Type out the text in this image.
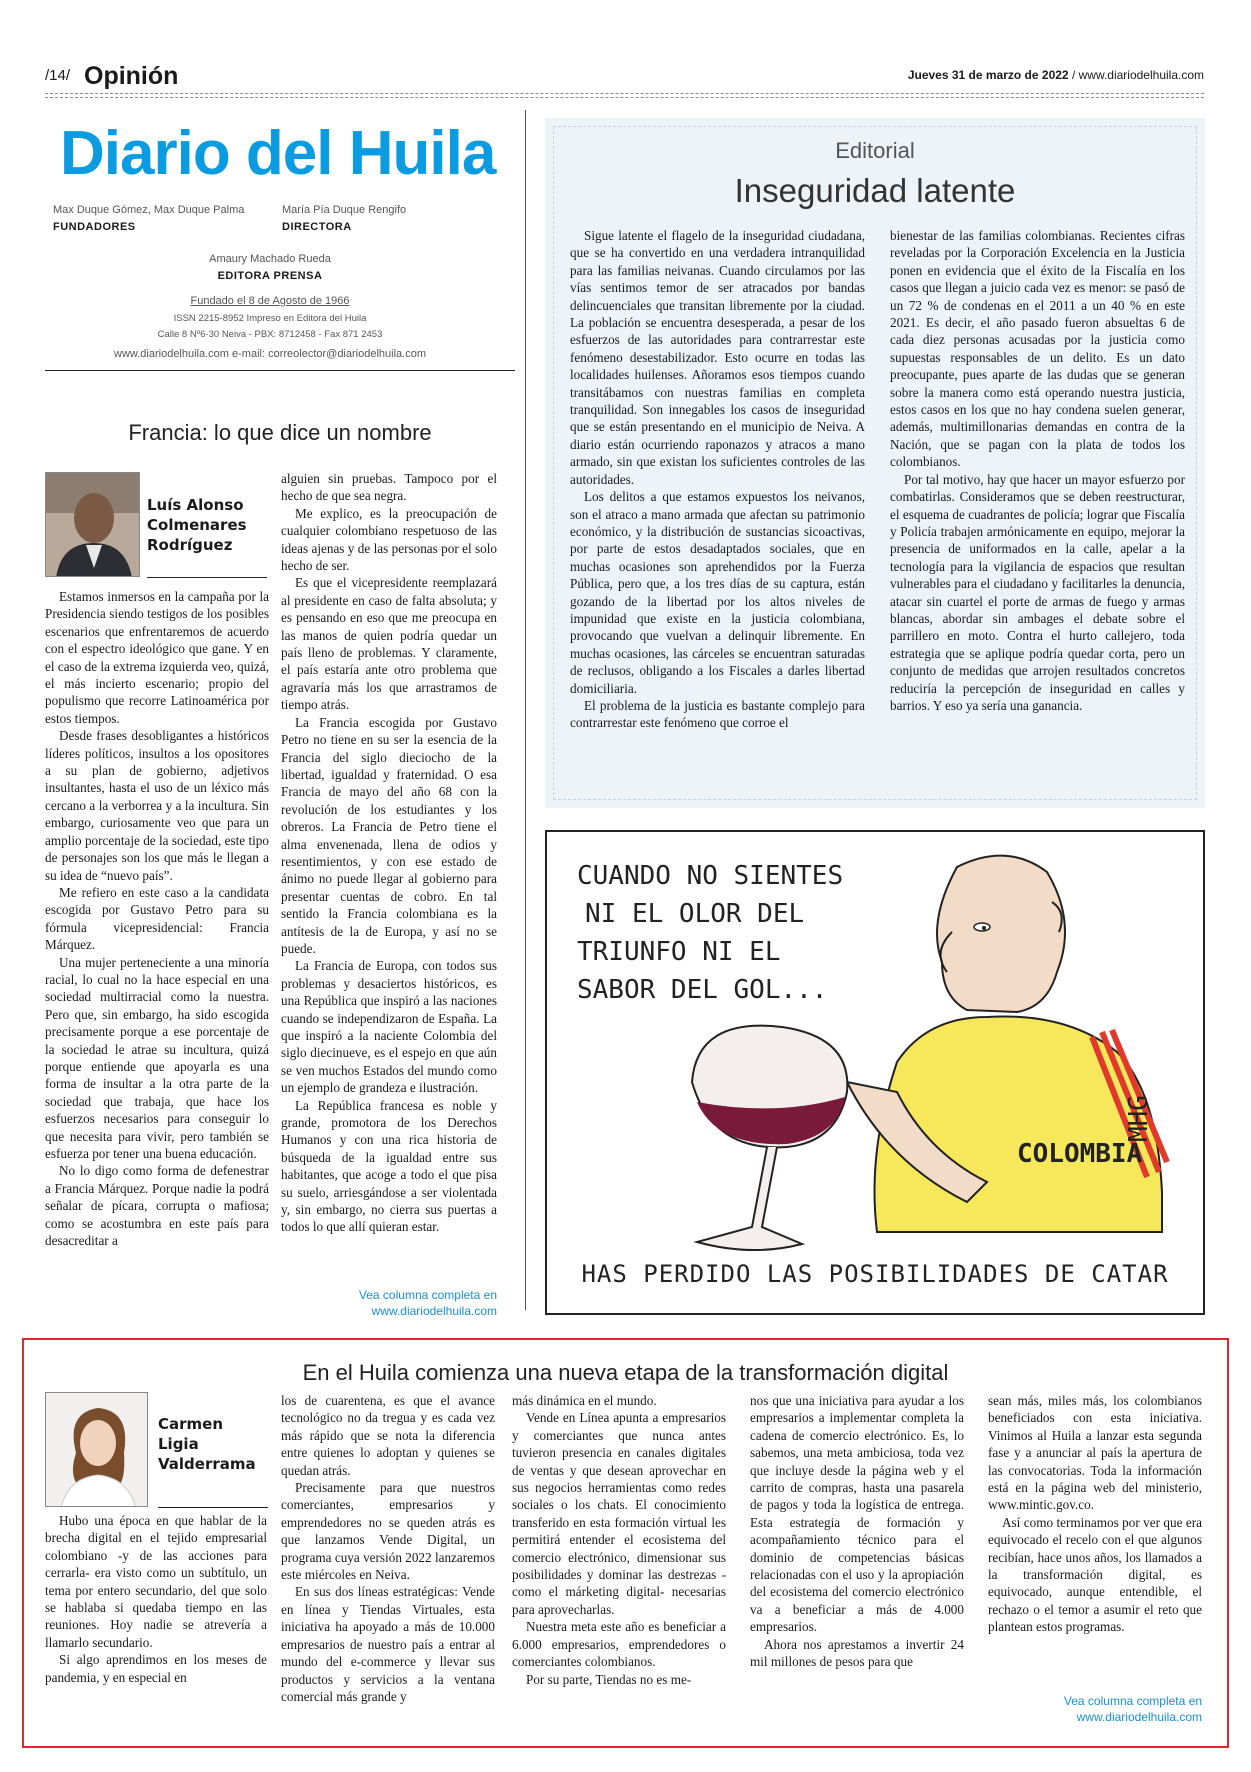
/14/ Opinión	Jueves 31 de marzo de 2022 / www.diariodelhuila.com
Diario del Huila
Max Duque Gómez, Max Duque Palma
FUNDADORES
María Pía Duque Rengifo
DIRECTORA
Amaury Machado Rueda
EDITORA PRENSA
Fundado el 8 de Agosto de 1966
ISSN 2215-8952 Impreso en Editora del Huila
Calle 8 Nº6-30 Neiva - PBX: 8712458 - Fax 871 2453
www.diariodelhuila.com e-mail: correolector@diariodelhuila.com
Editorial
Inseguridad latente

Sigue latente el flagelo de la inseguridad ciudadana, que se ha convertido en una verdadera intranquilidad para las familias neivanas. Cuando circulamos por las vías sentimos temor de ser atracados por bandas delincuenciales que transitan libremente por la ciudad. La población se encuentra desesperada, a pesar de los esfuerzos de las autoridades para contrarrestar este fenómeno desestabilizador. Esto ocurre en todas las localidades huilenses. Añoramos esos tiempos cuando transitábamos con nuestras familias en completa tranquilidad. Son innegables los casos de inseguridad que se están presentando en el municipio de Neiva. A diario están ocurriendo raponazos y atracos a mano armado, sin que existan los suficientes controles de las autoridades.

Los delitos a que estamos expuestos los neivanos, son el atraco a mano armada que afectan su patrimonio económico, y la distribución de sustancias sicoactivas, por parte de estos desadaptados sociales, que en muchas ocasiones son aprehendidos por la Fuerza Pública, pero que, a los tres días de su captura, están gozando de la libertad por los altos niveles de impunidad que existe en la justicia colombiana, provocando que vuelvan a delinquir libremente. En muchas ocasiones, las cárceles se encuentran saturadas de reclusos, obligando a los Fiscales a darles libertad domiciliaria.

El problema de la justicia es bastante complejo para contrarrestar este fenómeno que corroe el

bienestar de las familias colombianas. Recientes cifras reveladas por la Corporación Excelencia en la Justicia ponen en evidencia que el éxito de la Fiscalía en los casos que llegan a juicio cada vez es menor: se pasó de un 72 % de condenas en el 2011 a un 40 % en este 2021. Es decir, el año pasado fueron absueltas 6 de cada diez personas acusadas por la justicia como supuestas responsables de un delito. Es un dato preocupante, pues aparte de las dudas que se generan sobre la manera como está operando nuestra justicia, estos casos en los que no hay condena suelen generar, además, multimillonarias demandas en contra de la Nación, que se pagan con la plata de todos los colombianos.

Por tal motivo, hay que hacer un mayor esfuerzo por combatirlas. Consideramos que se deben reestructurar, el esquema de cuadrantes de policía; lograr que Fiscalía y Policía trabajen armónicamente en equipo, mejorar la presencia de uniformados en la calle, apelar a la tecnología para la vigilancia de espacios que resultan vulnerables para el ciudadano y facilitarles la denuncia, atacar sin cuartel el porte de armas de fuego y armas blancas, abordar sin ambages el debate sobre el parrillero en moto. Contra el hurto callejero, toda estrategia que se aplique podría quedar corta, pero un conjunto de medidas que arrojen resultados concretos reduciría la percepción de inseguridad en calles y barrios. Y eso ya sería una ganancia.

Francia: lo que dice un nombre
Luís Alonso Colmenares Rodríguez

Estamos inmersos en la campaña por la Presidencia siendo testigos de los posibles escenarios que enfrentaremos de acuerdo con el espectro ideológico que gane. Y en el caso de la extrema izquierda veo, quizá, el más incierto escenario; propio del populismo que recorre Latinoamérica por estos tiempos.

Desde frases desobligantes a históricos líderes políticos, insultos a los opositores a su plan de gobierno, adjetivos insultantes, hasta el uso de un léxico más cercano a la verborrea y a la incultura. Sin embargo, curiosamente veo que para un amplio porcentaje de la sociedad, este tipo de personajes son los que más le llegan a su idea de “nuevo país”.

Me refiero en este caso a la candidata escogida por Gustavo Petro para su fórmula vicepresidencial: Francia Márquez.

Una mujer perteneciente a una minoría racial, lo cual no la hace especial en una sociedad multirracial como la nuestra. Pero que, sin embargo, ha sido escogida precisamente porque a ese porcentaje de la sociedad le atrae su incultura, quizá porque entiende que apoyarla es una forma de insultar a la otra parte de la sociedad que trabaja, que hace los esfuerzos necesarios para conseguir lo que necesita para vivir, pero también se esfuerza por tener una buena educación.

No lo digo como forma de defenestrar a Francia Márquez. Porque nadie la podrá señalar de pícara, corrupta o mafiosa; como se acostumbra en este país para desacreditar a

alguien sin pruebas. Tampoco por el hecho de que sea negra.

Me explico, es la preocupación de cualquier colombiano respetuoso de las ideas ajenas y de las personas por el solo hecho de ser.

Es que el vicepresidente reemplazará al presidente en caso de falta absoluta; y es pensando en eso que me preocupa en las manos de quien podría quedar un país lleno de problemas. Y claramente, el país estaría ante otro problema que agravaría más los que arrastramos de tiempo atrás.

La Francia escogida por Gustavo Petro no tiene en su ser la esencia de la Francia del siglo dieciocho de la libertad, igualdad y fraternidad. O esa Francia de mayo del año 68 con la revolución de los estudiantes y los obreros. La Francia de Petro tiene el alma envenenada, llena de odios y resentimientos, y con ese estado de ánimo no puede llegar al gobierno para presentar cuentas de cobro. En tal sentido la Francia colombiana es la antítesis de la de Europa, y así no se puede.

La Francia de Europa, con todos sus problemas y desaciertos históricos, es una República que inspiró a las naciones cuando se independizaron de España. La que inspiró a la naciente Colombia del siglo diecinueve, es el espejo en que aún se ven muchos Estados del mundo como un ejemplo de grandeza e ilustración.

La República francesa es noble y grande, promotora de los Derechos Humanos y con una rica historia de búsqueda de la igualdad entre sus habitantes, que acoge a todo el que pisa su suelo, arriesgándose a ser violentada y, sin embargo, no cierra sus puertas a todos lo que allí quieran estar.

Vea columna completa en
www.diariodelhuila.com
COLOMBIA
MHG
CUANDO NO SIENTES
NI EL OLOR DEL
TRIUNFO NI EL
SABOR DEL GOL...
HAS PERDIDO LAS POSIBILIDADES DE CATAR
En el Huila comienza una nueva etapa de la transformación digital
Carmen Ligia Valderrama

Hubo una época en que hablar de la brecha digital en el tejido empresarial colombiano -y de las acciones para cerrarla- era visto como un subtítulo, un tema por entero secundario, del que solo se hablaba si quedaba tiempo en las reuniones. Hoy nadie se atrevería a llamarlo secundario.

Si algo aprendimos en los meses de pandemia, y en especial en

los de cuarentena, es que el avance tecnológico no da tregua y es cada vez más rápido que se nota la diferencia entre quienes lo adoptan y quienes se quedan atrás.

Precisamente para que nuestros comerciantes, empresarios y emprendedores no se queden atrás es que lanzamos Vende Digital, un programa cuya versión 2022 lanzaremos este miércoles en Neiva.

En sus dos líneas estratégicas: Vende en línea y Tiendas Virtuales, esta iniciativa ha apoyado a más de 10.000 empresarios de nuestro país a entrar al mundo del e-commerce y llevar sus productos y servicios a la ventana comercial más grande y

más dinámica en el mundo.

Vende en Línea apunta a empresarios y comerciantes que nunca antes tuvieron presencia en canales digitales de ventas y que desean aprovechar en sus negocios herramientas como redes sociales o los chats. El conocimiento transferido en esta formación virtual les permitirá entender el ecosistema del comercio electrónico, dimensionar sus posibilidades y dominar las destrezas -como el márketing digital- necesarias para aprovecharlas.

Nuestra meta este año es beneficiar a 6.000 empresarios, emprendedores o comerciantes colombianos.

Por su parte, Tiendas no es me-

nos que una iniciativa para ayudar a los empresarios a implementar completa la cadena de comercio electrónico. Es, lo sabemos, una meta ambiciosa, toda vez que incluye desde la página web y el carrito de compras, hasta una pasarela de pagos y toda la logística de entrega. Esta estrategia de formación y acompañamiento técnico para el dominio de competencias básicas relacionadas con el uso y la apropiación del ecosistema del comercio electrónico va a beneficiar a más de 4.000 empresarios.

Ahora nos aprestamos a invertir 24 mil millones de pesos para que

sean más, miles más, los colombianos beneficiados con esta iniciativa. Vinimos al Huila a lanzar esta segunda fase y a anunciar al país la apertura de las convocatorias. Toda la información está en la página web del ministerio, www.mintic.gov.co.

Así como terminamos por ver que era equivocado el recelo con el que algunos recibían, hace unos años, los llamados a la transformación digital, es equivocado, aunque entendible, el rechazo o el temor a asumir el reto que plantean estos programas.

Vea columna completa en
www.diariodelhuila.com
